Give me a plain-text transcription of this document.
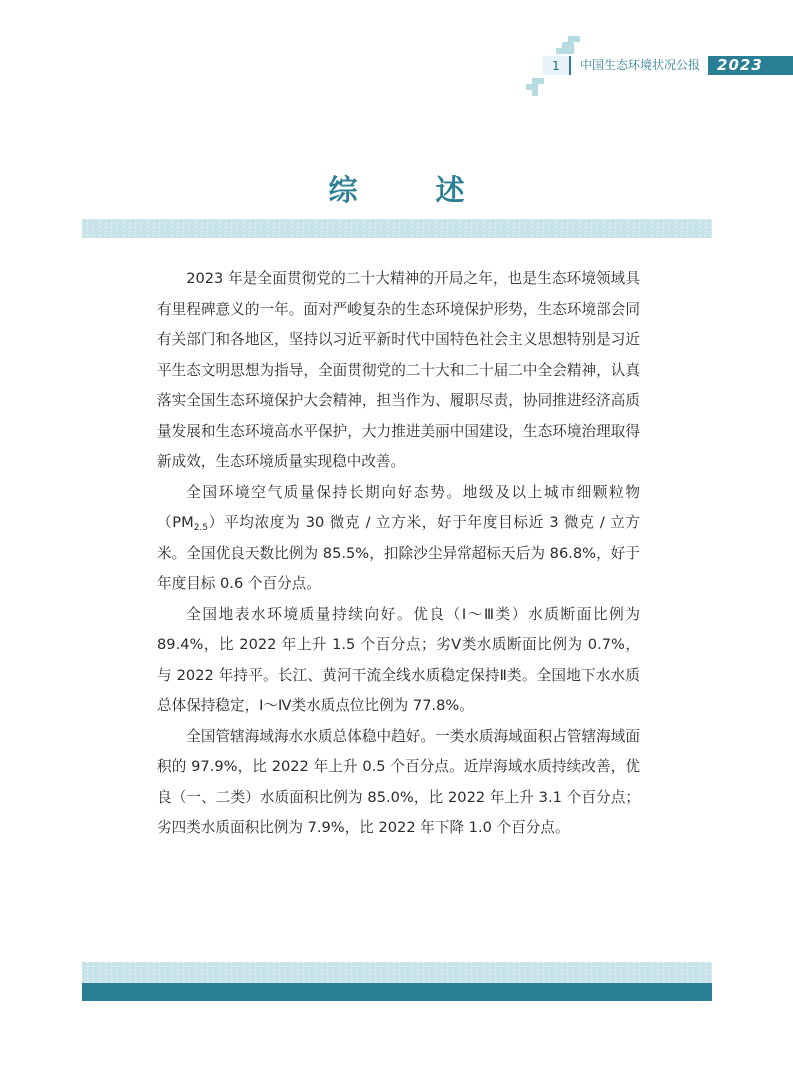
1	中国生态环境状况公报	2023
综 述

2023 年是全面贯彻党的二十大精神的开局之年，也是生态环境领域具有里程碑意义的一年。面对严峻复杂的生态环境保护形势，生态环境部会同有关部门和各地区，坚持以习近平新时代中国特色社会主义思想特别是习近平生态文明思想为指导，全面贯彻党的二十大和二十届二中全会精神，认真落实全国生态环境保护大会精神，担当作为、履职尽责，协同推进经济高质量发展和生态环境高水平保护，大力推进美丽中国建设，生态环境治理取得新成效，生态环境质量实现稳中改善。

全国环境空气质量保持长期向好态势。地级及以上城市细颗粒物$(PM_{2.5})$平均浓度为 30 微克 / 立方米，好于年度目标近 3 微克 / 立方米。全国优良天数比例为 85.5%，扣除沙尘异常超标天后为 86.8%，好于年度目标 0.6 个百分点。

全国地表水环境质量持续向好。优良（Ⅰ～Ⅲ类）水质断面比例为 89.4%，比 2022 年上升 1.5 个百分点；劣Ⅴ类水质断面比例为 0.7%，与 2022 年持平。长江、黄河干流全线水质稳定保持Ⅱ类。全国地下水水质总体保持稳定，Ⅰ～Ⅳ类水质点位比例为 77.8%。

全国管辖海域海水水质总体稳中趋好。一类水质海域面积占管辖海域面积的 97.9%，比 2022 年上升 0.5 个百分点。近岸海域水质持续改善，优良（一、二类）水质面积比例为 85.0%，比 2022 年上升 3.1 个百分点；劣四类水质面积比例为 7.9%，比 2022 年下降 1.0 个百分点。
